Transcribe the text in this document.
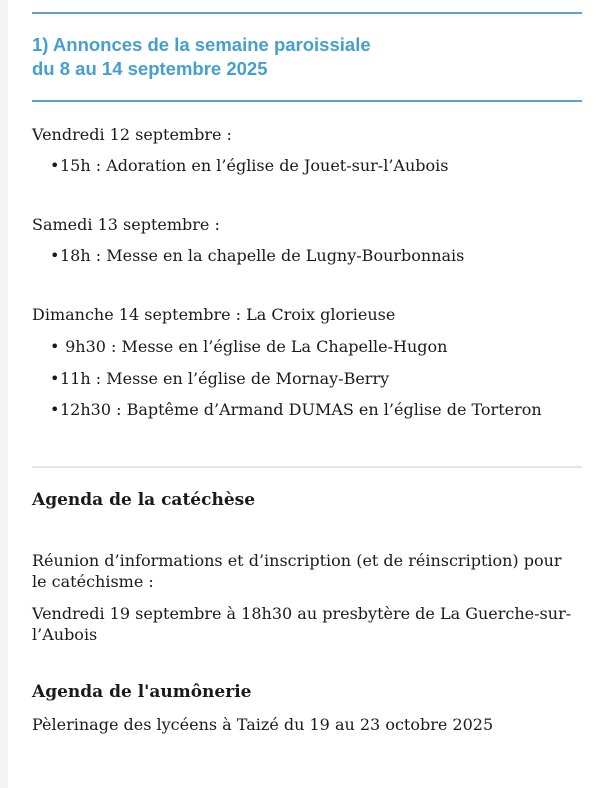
1) Annonces de la semaine paroissiale
du 8 au 14 septembre 2025
Vendredi 12 septembre :
•15h : Adoration en l’église de Jouet-sur-l’Aubois
Samedi 13 septembre :
•18h : Messe en la chapelle de Lugny-Bourbonnais
Dimanche 14 septembre : La Croix glorieuse
• 9h30 : Messe en l’église de La Chapelle-Hugon
•11h : Messe en l’église de Mornay-Berry
•12h30 : Baptême d’Armand DUMAS en l’église de Torteron
Agenda de la catéchèse
Réunion d’informations et d’inscription (et de réinscription) pour le catéchisme :
Vendredi 19 septembre à 18h30 au presbytère de La Guerche-sur-l’Aubois
Agenda de l'aumônerie
Pèlerinage des lycéens à Taizé du 19 au 23 octobre 2025
